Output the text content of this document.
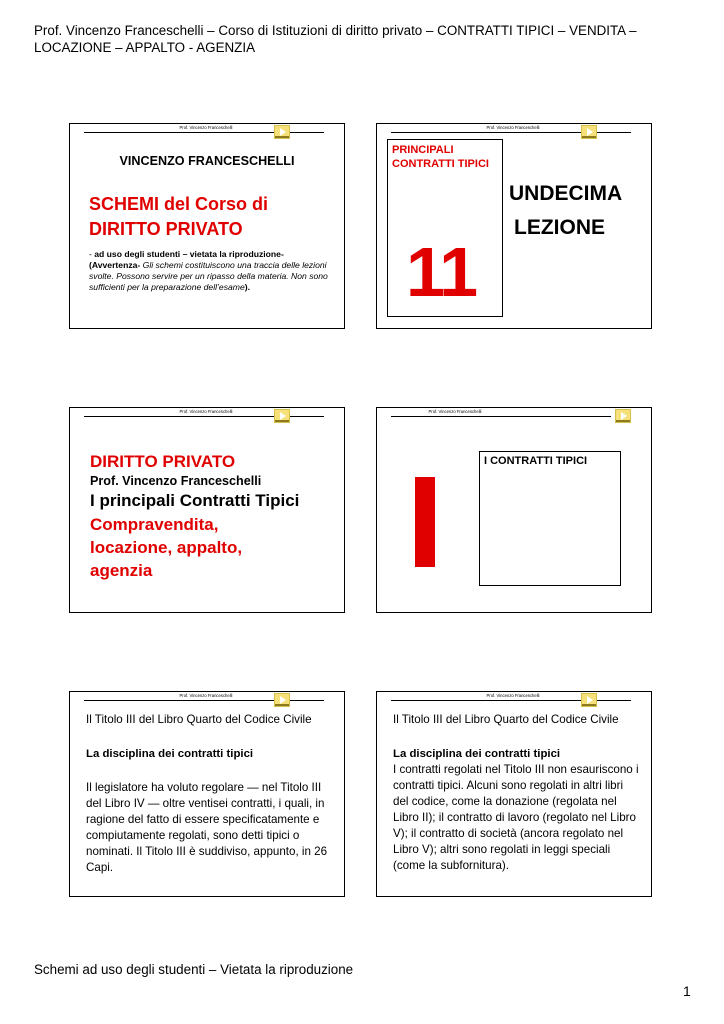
Prof. Vincenzo Franceschelli – Corso di Istituzioni di diritto privato – CONTRATTI TIPICI – VENDITA – LOCAZIONE – APPALTO - AGENZIA
Prof. Vincenzo Franceschelli
VINCENZO FRANCESCHELLI
SCHEMI del Corso di
DIRITTO PRIVATO
- ad uso degli studenti – vietata la riproduzione-
(Avvertenza- Gli schemi costituiscono una traccia delle lezioni svolte. Possono servire per un ripasso della materia. Non sono sufficienti per la preparazione dell’esame).
Prof. Vincenzo Franceschelli
PRINCIPALI CONTRATTI TIPICI
11
UNDECIMA
LEZIONE
Prof. Vincenzo Franceschelli
DIRITTO PRIVATO
Prof. Vincenzo Franceschelli
I principali Contratti Tipici
Compravendita, locazione, appalto, agenzia
Prof. Vincenzo Franceschelli
I CONTRATTI TIPICI
Prof. Vincenzo Franceschelli

Il Titolo III del Libro Quarto del Codice Civile

La disciplina dei contratti tipici

Il legislatore ha voluto regolare — nel Titolo III del Libro IV — oltre ventisei contratti, i quali, in ragione del fatto di essere specificatamente e compiutamente regolati, sono detti tipici o nominati. Il Titolo III è suddiviso, appunto, in 26 Capi.

Prof. Vincenzo Franceschelli

Il Titolo III del Libro Quarto del Codice Civile

La disciplina dei contratti tipici

I contratti regolati nel Titolo III non esauriscono i contratti tipici. Alcuni sono regolati in altri libri del codice, come la donazione (regolata nel Libro II); il contratto di lavoro (regolato nel Libro V); il contratto di società (ancora regolato nel Libro V); altri sono regolati in leggi speciali (come la subfornitura).

Schemi ad uso degli studenti – Vietata la riproduzione
1
